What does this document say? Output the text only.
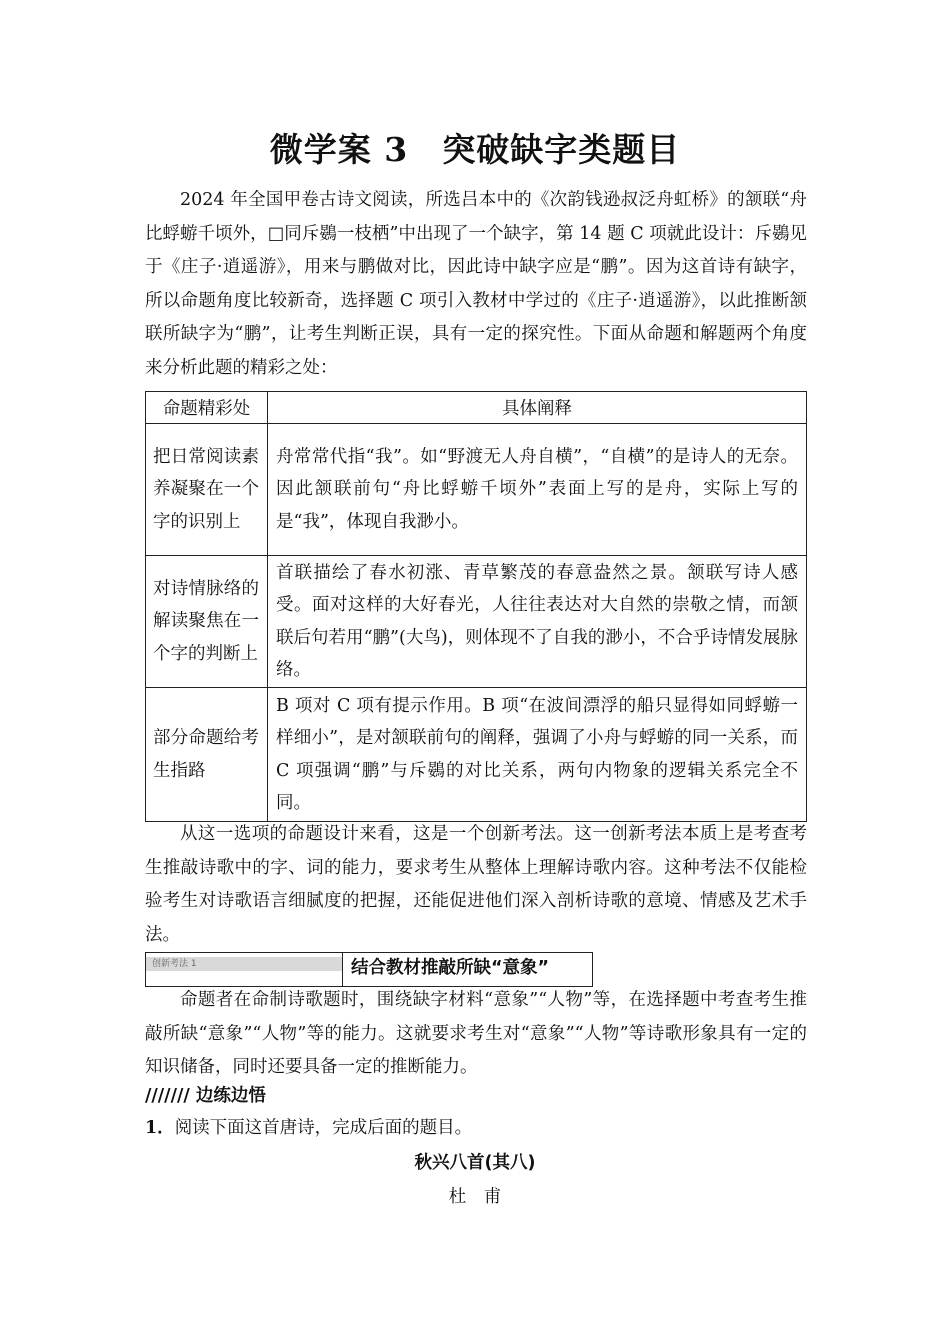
微学案 3　突破缺字类题目

2024 年全国甲卷古诗文阅读，所选吕本中的《次韵钱逊叔泛舟虹桥》的颔联“舟比蜉蝣千顷外，□同斥鷃一枝栖”中出现了一个缺字，第 14 题 C 项就此设计：斥鷃见于《庄子·逍遥游》，用来与鹏做对比，因此诗中缺字应是“鹏”。因为这首诗有缺字，所以命题角度比较新奇，选择题 C 项引入教材中学过的《庄子·逍遥游》，以此推断颔联所缺字为“鹏”，让考生判断正误，具有一定的探究性。下面从命题和解题两个角度来分析此题的精彩之处：

命题精彩处	具体阐释
把日常阅读素养凝聚在一个字的识别上	舟常常代指“我”。如“野渡无人舟自横”，“自横”的是诗人的无奈。因此颔联前句“舟比蜉蝣千顷外”表面上写的是舟，实际上写的是“我”，体现自我渺小。
对诗情脉络的解读聚焦在一个字的判断上	首联描绘了春水初涨、青草繁茂的春意盎然之景。颔联写诗人感受。面对这样的大好春光，人往往表达对大自然的崇敬之情，而颔联后句若用“鹏”(大鸟)，则体现不了自我的渺小，不合乎诗情发展脉络。
部分命题给考生指路	B 项对 C 项有提示作用。B 项“在波间漂浮的船只显得如同蜉蝣一样细小”，是对颔联前句的阐释，强调了小舟与蜉蝣的同一关系，而 C 项强调“鹏”与斥鷃的对比关系，两句内物象的逻辑关系完全不同。

从这一选项的命题设计来看，这是一个创新考法。这一创新考法本质上是考查考生推敲诗歌中的字、词的能力，要求考生从整体上理解诗歌内容。这种考法不仅能检验考生对诗歌语言细腻度的把握，还能促进他们深入剖析诗歌的意境、情感及艺术手法。

创新考法 1	结合教材推敲所缺“意象”

命题者在命制诗歌题时，围绕缺字材料“意象”“人物”等，在选择题中考查考生推敲所缺“意象”“人物”等的能力。这就要求考生对“意象”“人物”等诗歌形象具有一定的知识储备，同时还要具备一定的推断能力。

/////// 边练边悟
1．阅读下面这首唐诗，完成后面的题目。
秋兴八首(其八)
杜甫
